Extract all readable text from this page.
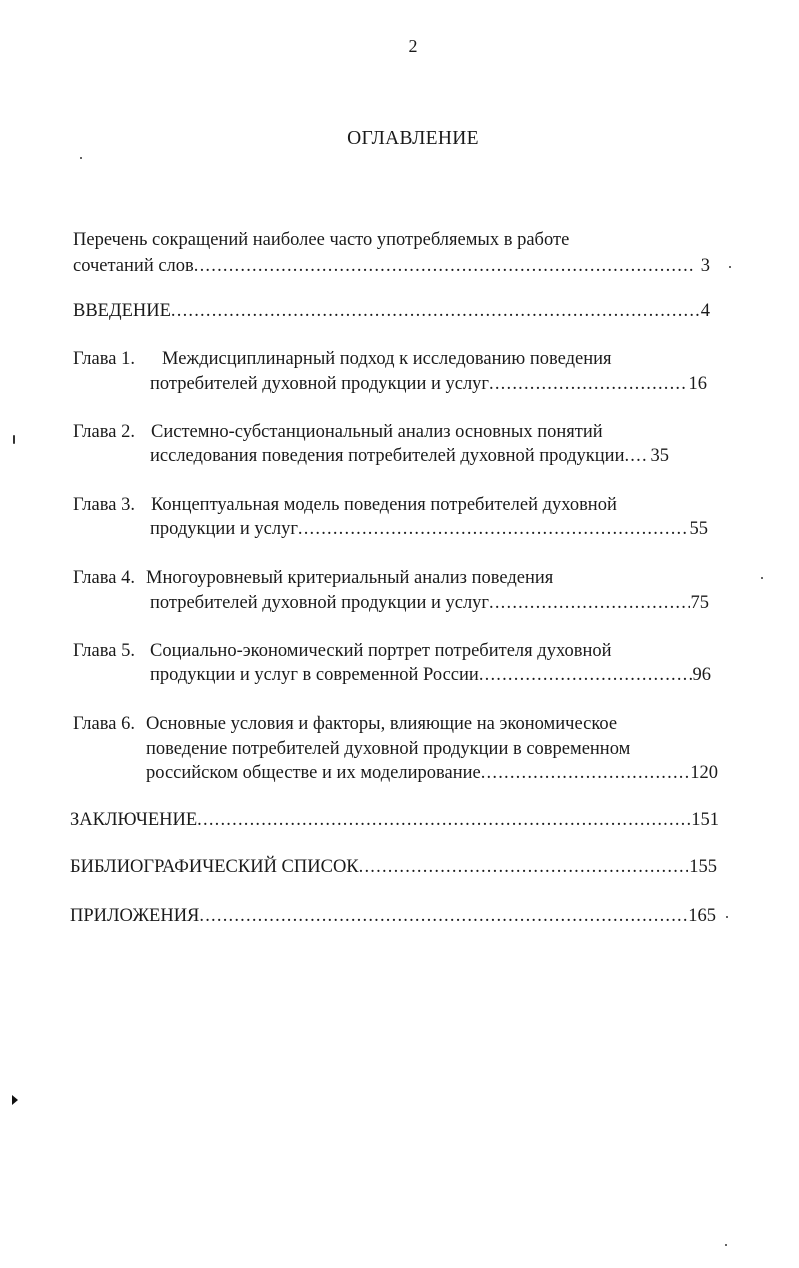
2
ОГЛАВЛЕНИЕ
Перечень сокращений наиболее часто употребляемых в работе
сочетаний слов .....	3
ВВЕДЕНИЕ .....	4
Глава 1. Междисциплинарный подход к исследованию поведения
потребителей духовной продукции и услуг .....	16
Глава 2. Системно-субстанциональный анализ основных понятий
исследования поведения потребителей духовной продукции ..... 35
Глава 3. Концептуальная модель поведения потребителей духовной
продукции и услуг .....	55
Глава 4. Многоуровневый критериальный анализ поведения
потребителей духовной продукции и услуг .....	75
Глава 5. Социально-экономический портрет потребителя духовной
продукции и услуг в современной России .....	96
Глава 6. Основные условия и факторы, влияющие на экономическое
поведение потребителей духовной продукции в современном
российском обществе и их моделирование .....	120
ЗАКЛЮЧЕНИЕ .....	151
БИБЛИОГРАФИЧЕСКИЙ СПИСОК .....	155
ПРИЛОЖЕНИЯ .....	165
